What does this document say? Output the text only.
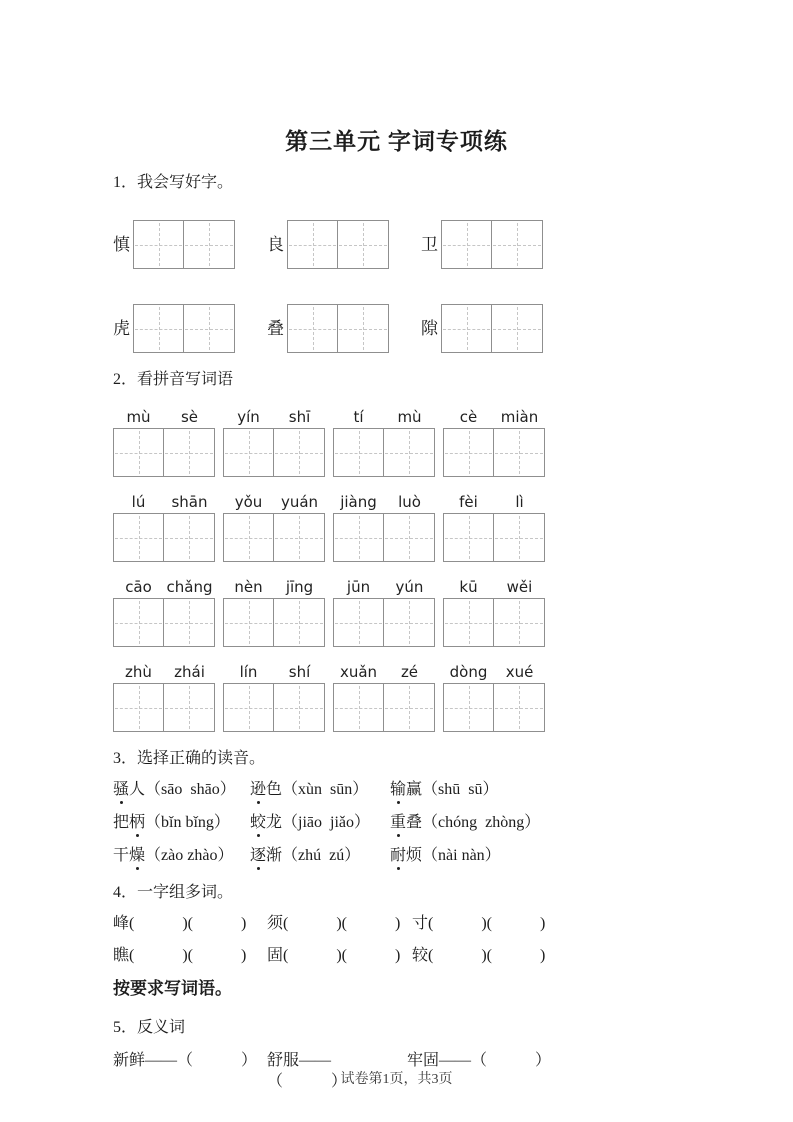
第三单元 字词专项练
1．我会写好字。
慎	良	卫
虎	叠	隙
2．看拼音写词语
mù	sè	yín	shī	tí	mù	cè	miàn
lú	shān	yǒu	yuán	jiàng	luò	fèi	lì
cāo chǎng	nèn	jīng	jūn	yún	kū	wěi
zhù	zhái	lín	shí	xuǎn	zé	dòng	xué
3．选择正确的读音。
骚人（sāo  shāo） 逊色（xùn  sūn）	输赢（shū  sū）
把柄（bǐn bǐng）	蛟龙（jiāo  jiǎo）	重叠（chóng  zhòng）
干燥（zào zhào）	逐渐（zhú  zú）	耐烦（nài nàn）
4．一字组多词。
峰(　　　)(　　　)	须(　　　)(　　　) 寸(　　　)(　　　)
瞧(　　　)(　　　)	固(　　　)(　　　) 较(　　　)(　　　)
按要求写词语。
5．反义词
新鲜——（　　　） 舒服——（　　　）
牢固——（　　　）
试卷第1页，共3页
